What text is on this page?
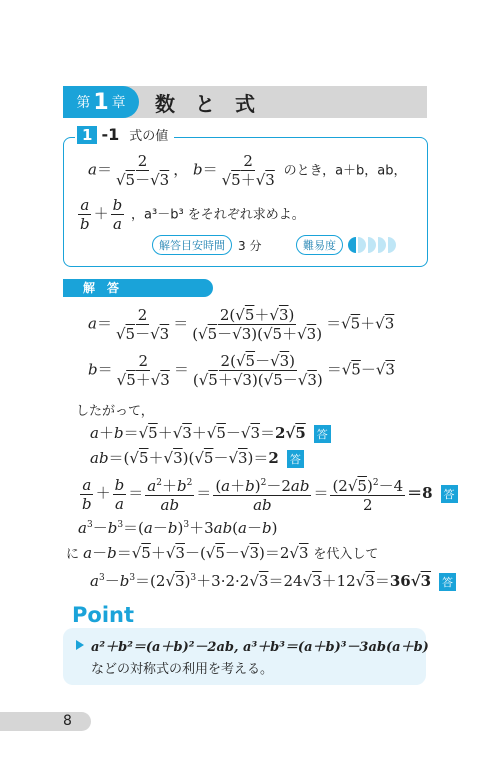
第 1 章 数　と　式
1 -1 式の値
$a= \frac{2}{√5-√3}$ ， $b= \frac{2}{√5+√3}$ のとき，a＋b，ab，
$\frac{a}{b} + \frac{b}{a}$ ，a³－b³ をそれぞれ求めよ。
解答目安時間	3 分	難易度
解　答
$a= \frac{2}{√5-√3} = \frac{2(√5+√3)}{(√5-√3)(√5+√3)} =√5+√3$
$b= \frac{2}{√5+√3} = \frac{2(√5-√3)}{(√5+√3)(√5-√3)} =√5-√3$
したがって，
a＋b＝√5＋√3＋√5－√3＝2√5 答
ab＝(√5＋√3)(√5－√3)＝2 答
$\frac{a}{b} + \frac{b}{a} = \frac{a^2+b^2}{ab} = \frac{(a+b)^2-2ab}{ab} = \frac{(2√5)^2-4}{2} =8$ 答
$a^3-b^3=(a-b)^3+3ab(a-b)$
に a－b＝√5＋√3－(√5－√3)＝2√3 を代入して
$a^3-b^3=(2√3)^3+3\cdot 2\cdot 2√3=24√3+12√3=36√3$ 答
Point
a²＋b²＝(a＋b)²－2ab, a³＋b³＝(a＋b)³－3ab(a＋b)
などの対称式の利用を考える。
8
